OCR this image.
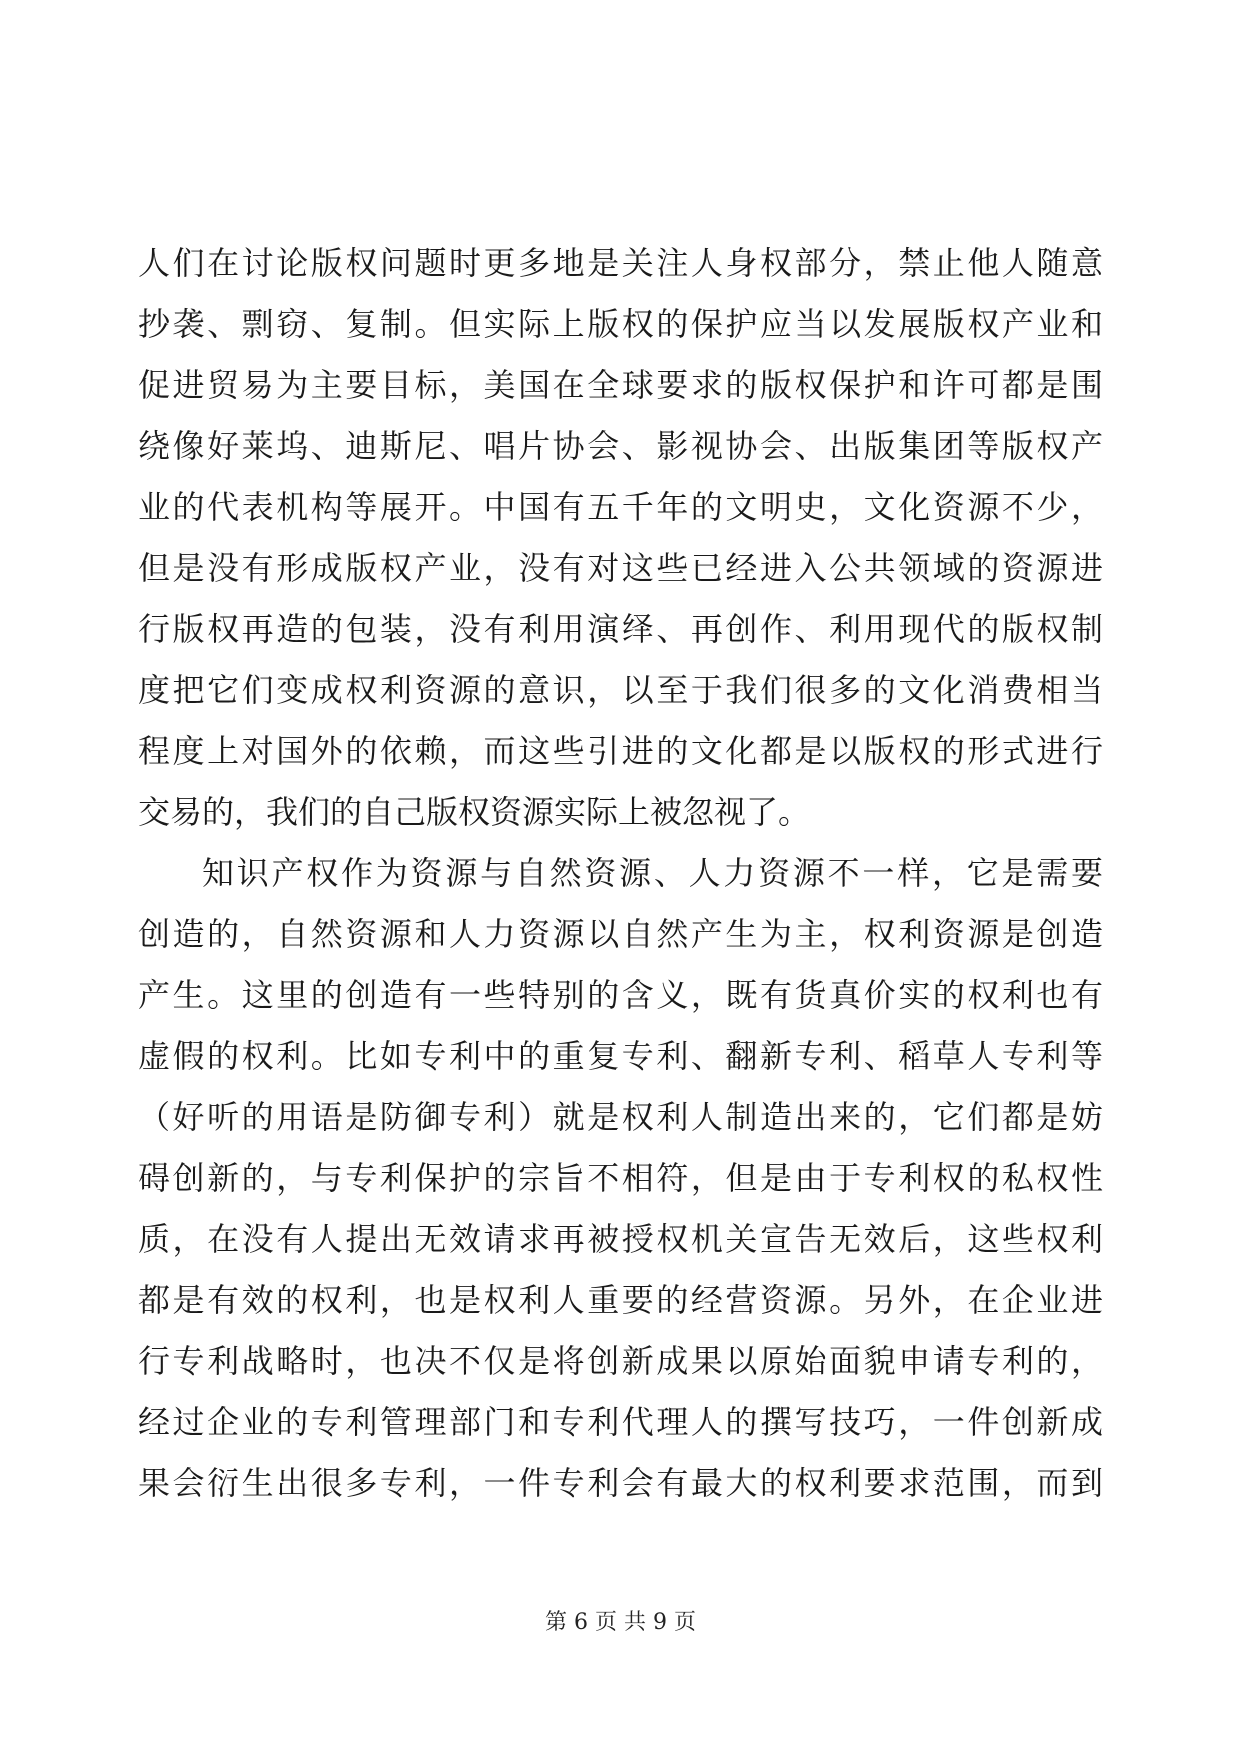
人们在讨论版权问题时更多地是关注人身权部分，禁止他人随意
抄袭、剽窃、复制。但实际上版权的保护应当以发展版权产业和
促进贸易为主要目标，美国在全球要求的版权保护和许可都是围
绕像好莱坞、迪斯尼、唱片协会、影视协会、出版集团等版权产
业的代表机构等展开。中国有五千年的文明史，文化资源不少，
但是没有形成版权产业，没有对这些已经进入公共领域的资源进
行版权再造的包装，没有利用演绎、再创作、利用现代的版权制
度把它们变成权利资源的意识，以至于我们很多的文化消费相当
程度上对国外的依赖，而这些引进的文化都是以版权的形式进行
交易的，我们的自己版权资源实际上被忽视了。
知识产权作为资源与自然资源、人力资源不一样，它是需要
创造的，自然资源和人力资源以自然产生为主，权利资源是创造
产生。这里的创造有一些特别的含义，既有货真价实的权利也有
虚假的权利。比如专利中的重复专利、翻新专利、稻草人专利等
（好听的用语是防御专利）就是权利人制造出来的，它们都是妨
碍创新的，与专利保护的宗旨不相符，但是由于专利权的私权性
质，在没有人提出无效请求再被授权机关宣告无效后，这些权利
都是有效的权利，也是权利人重要的经营资源。另外，在企业进
行专利战略时，也决不仅是将创新成果以原始面貌申请专利的，
经过企业的专利管理部门和专利代理人的撰写技巧，一件创新成
果会衍生出很多专利，一件专利会有最大的权利要求范围，而到
第 6 页 共 9 页
